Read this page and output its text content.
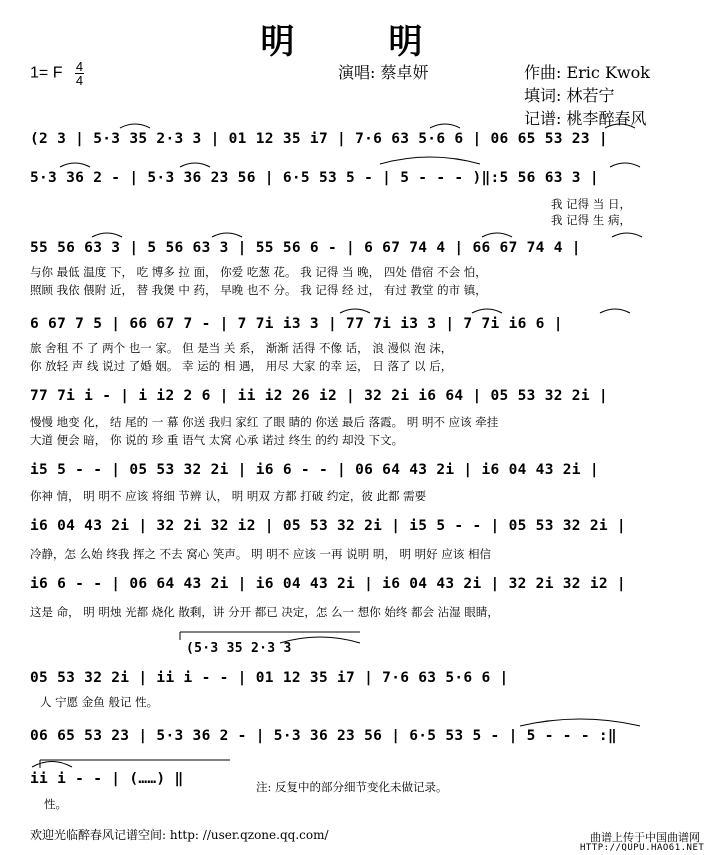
明　明
1= F $\frac{4}{4}$	演唱: 蔡卓妍	作曲: Eric Kwok
填词: 林若宁
记谱: 桃李醉春风
(2 3 | 5·3 35 2·3 3 | 01 12 35 i7 | 7·6 63 5·6 6 | 06 65 53 23 |
5·3 36 2 - | 5·3 36 23 56 | 6·5 53 5 - | 5 - - - )‖:5 56 63 3 |
我 记得 当 日，
我 记得 生 病，
55 56 63 3 | 5 56 63 3 | 55 56 6 - | 6 67 74 4 | 66 67 74 4 |
与你 最低 温度 下， 吃 博多 拉 面， 你爱 吃葱 花。 我 记得 当 晚， 四处 借宿 不会 怕，
照顾 我依 偎附 近， 替 我煲 中 药， 早晚 也不 分。 我 记得 经 过， 有过 教堂 的市 镇，
6 67 7 5 | 66 67 7 - | 7 7i i3 3 | 77 7i i3 3 | 7 7i i6 6 |
旅 舍租 不 了 两个 也一 家。 但 是当 关 系， 渐渐 活得 不像 话， 浪 漫似 泡 沫，
你 放轻 声 线 说过 了婚 姻。 幸 运的 相 遇， 用尽 大家 的幸 运， 日 落了 以 后，
77 7i i - | i i2 2 6 | ii i2 26 i2 | 32 2i i6 64 | 05 53 32 2i |
慢慢 地变 化， 结 尾的 一 幕 你送 我归 家红 了眼 睛的 你送 最后 落霞。 明 明不 应该 牵挂
大道 便会 暗， 你 说的 珍 重 语气 太窝 心承 诺过 终生 的约 却没 下文。
i5 5 - - | 05 53 32 2i | i6 6 - - | 06 64 43 2i | i6 04 43 2i |
你神 情， 明 明不 应该 将细 节辨 认， 明 明双 方都 打破 约定，彼 此都 需要
i6 04 43 2i | 32 2i 32 i2 | 05 53 32 2i | i5 5 - - | 05 53 32 2i |
冷静，怎 么始 终我 挥之 不去 窝心 笑声。 明 明不 应该 一再 说明 明， 明 明好 应该 相信
i6 6 - - | 06 64 43 2i | i6 04 43 2i | i6 04 43 2i | 32 2i 32 i2 |
这是 命， 明 明烛 光都 烧化 散剩，讲 分开 都已 决定，怎 么一 想你 始终 都会 沾湿 眼睛，
(5·3 35 2·3 3
05 53 32 2i | ii i - - | 01 12 35 i7 | 7·6 63 5·6 6 |
人 宁愿 金鱼 般记 性。
06 65 53 23 | 5·3 36 2 - | 5·3 36 23 56 | 6·5 53 5 - | 5 - - - :‖
ii i - - | (……) ‖
性。
注: 反复中的部分细节变化未做记录。
欢迎光临醉春风记谱空间: http: //user.qzone.qq.com/	曲谱上传于中国曲谱网
HTTP://QUPU.HAO61.NET
